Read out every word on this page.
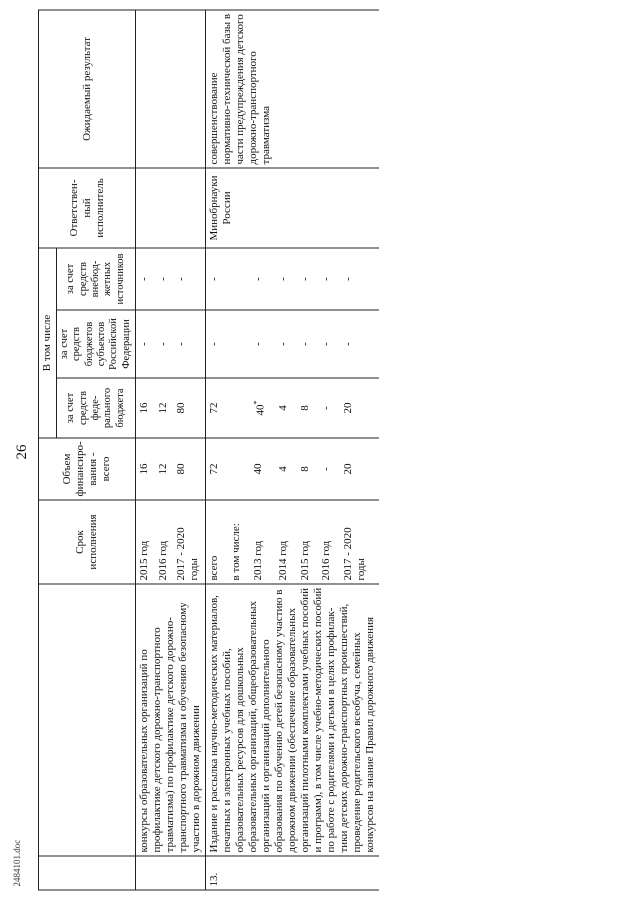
26
2484101.doc
		Срок исполнения	Объем финансиро-вания - всего	В том числе			Ответствен-ный исполнитель	Ожидаемый результат
				за счет средств феде-рального бюджета	за счет средств бюджетов субъектов Российской Федерации	за счет средств внебюд-жетных источников		
	конкурсы образовательных организаций по профилактике детского дорожно-транспортного травматизма) по профилактике детского дорожно-транспортного травматизма и обучению безопасному участию в дорожном движении	2015 год	16	16	-	-		
		2016 год	12	12	-	-		
		2017 - 2020 годы	80	80	-	-		
13.	Издание и рассылка научно-методических материалов, печатных и электронных учебных пособий, образовательных ресурсов для дошкольных образовательных организаций, общеобразовательных организаций и организаций дополнительного образования по обучению детей безопасному участию в дорожном движении (обеспечение образовательных организаций пилотными комплектами учебных пособий и программ), в том числе учебно-методических пособий по работе с родителями и детьми в целях профилак-тики детских дорожно-транспортных происшествий, проведение родительского всеобуча, семейных конкурсов на знание Правил дорожного движения	всего	72	72	-	-	Минобрнауки России	совершенствование нормативно-технической базы в части предупреждения детского дорожно-транспортного травматизма
		в том числе:						
		2013 год	40	40*	-	-		
		2014 год	4	4	-	-		
		2015 год	8	8	-	-		
		2016 год	-	-	-	-		
		2017 - 2020 годы	20	20	-	-		
